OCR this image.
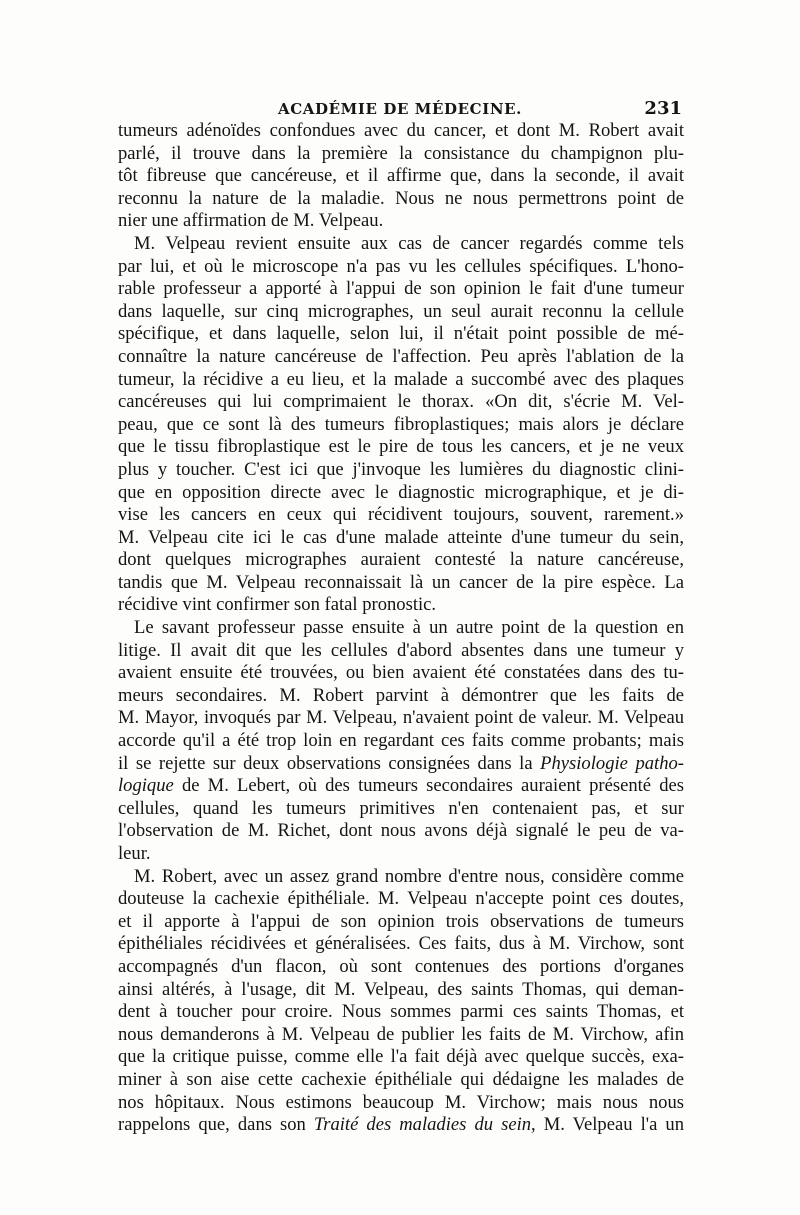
ACADÉMIE DE MÉDECINE.	231
tumeurs adénoïdes confondues avec du cancer, et dont M. Robert avait
parlé, il trouve dans la première la consistance du champignon plu-
tôt fibreuse que cancéreuse, et il affirme que, dans la seconde, il avait
reconnu la nature de la maladie. Nous ne nous permettrons point de
nier une affirmation de M. Velpeau.
M. Velpeau revient ensuite aux cas de cancer regardés comme tels
par lui, et où le microscope n'a pas vu les cellules spécifiques. L'hono-
rable professeur a apporté à l'appui de son opinion le fait d'une tumeur
dans laquelle, sur cinq micrographes, un seul aurait reconnu la cellule
spécifique, et dans laquelle, selon lui, il n'était point possible de mé-
connaître la nature cancéreuse de l'affection. Peu après l'ablation de la
tumeur, la récidive a eu lieu, et la malade a succombé avec des plaques
cancéreuses qui lui comprimaient le thorax. «On dit, s'écrie M. Vel-
peau, que ce sont là des tumeurs fibroplastiques; mais alors je déclare
que le tissu fibroplastique est le pire de tous les cancers, et je ne veux
plus y toucher. C'est ici que j'invoque les lumières du diagnostic clini-
que en opposition directe avec le diagnostic micrographique, et je di-
vise les cancers en ceux qui récidivent toujours, souvent, rarement.»
M. Velpeau cite ici le cas d'une malade atteinte d'une tumeur du sein,
dont quelques micrographes auraient contesté la nature cancéreuse,
tandis que M. Velpeau reconnaissait là un cancer de la pire espèce. La
récidive vint confirmer son fatal pronostic.
Le savant professeur passe ensuite à un autre point de la question en
litige. Il avait dit que les cellules d'abord absentes dans une tumeur y
avaient ensuite été trouvées, ou bien avaient été constatées dans des tu-
meurs secondaires. M. Robert parvint à démontrer que les faits de
M. Mayor, invoqués par M. Velpeau, n'avaient point de valeur. M. Velpeau
accorde qu'il a été trop loin en regardant ces faits comme probants; mais
il se rejette sur deux observations consignées dans la Physiologie patho-
logique de M. Lebert, où des tumeurs secondaires auraient présenté des
cellules, quand les tumeurs primitives n'en contenaient pas, et sur
l'observation de M. Richet, dont nous avons déjà signalé le peu de va-
leur.
M. Robert, avec un assez grand nombre d'entre nous, considère comme
douteuse la cachexie épithéliale. M. Velpeau n'accepte point ces doutes,
et il apporte à l'appui de son opinion trois observations de tumeurs
épithéliales récidivées et généralisées. Ces faits, dus à M. Virchow, sont
accompagnés d'un flacon, où sont contenues des portions d'organes
ainsi altérés, à l'usage, dit M. Velpeau, des saints Thomas, qui deman-
dent à toucher pour croire. Nous sommes parmi ces saints Thomas, et
nous demanderons à M. Velpeau de publier les faits de M. Virchow, afin
que la critique puisse, comme elle l'a fait déjà avec quelque succès, exa-
miner à son aise cette cachexie épithéliale qui dédaigne les malades de
nos hôpitaux. Nous estimons beaucoup M. Virchow; mais nous nous
rappelons que, dans son Traité des maladies du sein, M. Velpeau l'a un
